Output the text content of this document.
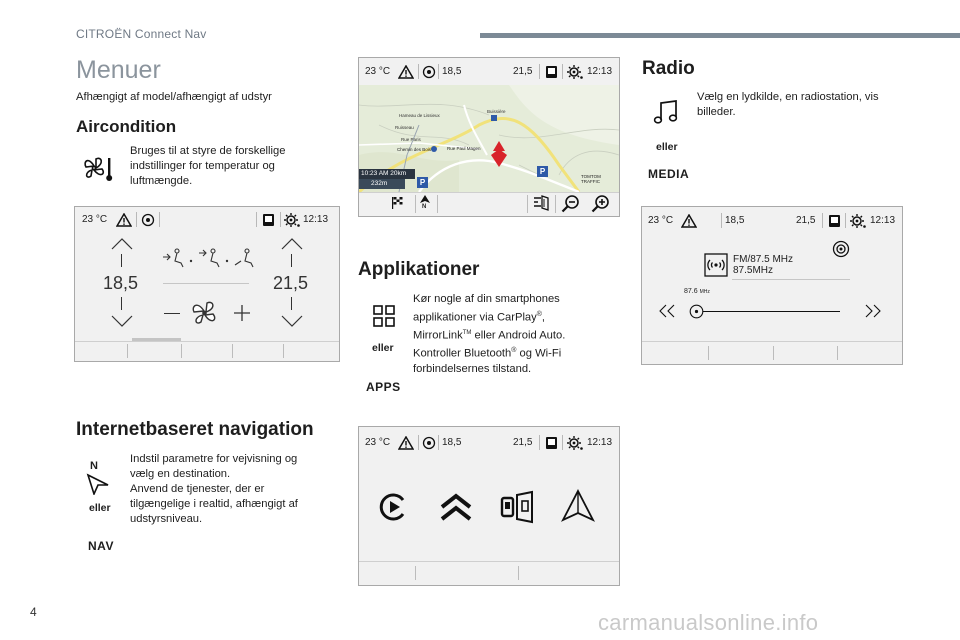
CITROËN Connect Nav
Menuer
Afhængigt af model/afhængigt af udstyr
Aircondition
Bruges til at styre de forskellige
indstillinger for temperatur og
luftmængde.
23 °C	12:13
18,5	21,5
Internetbaseret navigation
N
eller
NAV
Indstil parametre for vejvisning og
vælg en destination.
Anvend de tjenester, der er
tilgængelige i realtid, afhængigt af
udstyrsniveau.
23 °C	18,5	21,5	12:13
Hameau de Lissieux
Buissière
Rue Paris
Chemin des Bois	Rue Paul Magen
Ruisseau
10:23 AM 20km
232m	P
P
TOMTOM
TRAFFIC
N
Applikationer
eller
APPS
Kør nogle af din smartphones
applikationer via CarPlay®,
MirrorLink™ eller Android Auto.
Kontroller Bluetooth® og Wi-Fi
forbindelsernes tilstand.
23 °C	18,5	21,5	12:13
Radio
eller
MEDIA
Vælg en lydkilde, en radiostation, vis
billeder.
23 °C	18,5	21,5	12:13
FM/87.5 MHz
87.5MHz
87.6 MHz
4	carmanualsonline.info
